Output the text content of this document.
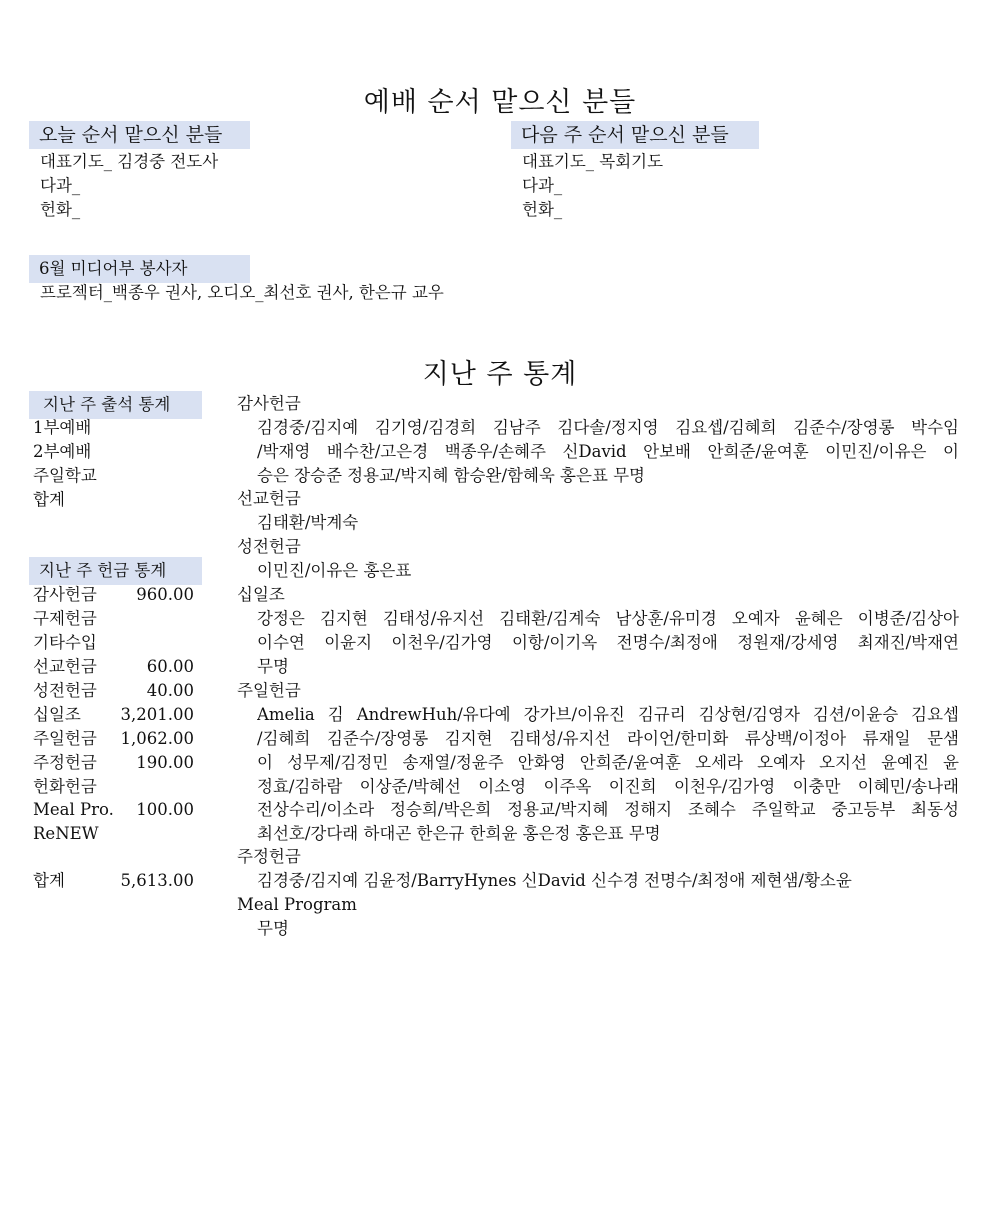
예배 순서 맡으신 분들
오늘 순서 맡으신 분들
대표기도_ 김경중 전도사
다과_
헌화_
다음 주 순서 맡으신 분들
대표기도_ 목회기도
다과_
헌화_
6월 미디어부 봉사자
프로젝터_백종우 권사, 오디오_최선호 권사, 한은규 교우
지난 주 통계
지난 주 출석 통계
1부예배
2부예배
주일학교
합계
지난 주 헌금 통계
감사헌금	960.00
구제헌금
기타수입
선교헌금	60.00
성전헌금	40.00
십일조	3,201.00
주일헌금	1,062.00
주정헌금	190.00
헌화헌금
Meal Pro.	100.00
ReNEW
합계	5,613.00
감사헌금
김경중/김지예 김기영/김경희 김남주 김다솔/정지영 김요셉/김혜희 김준수/장영롱 박수임
/박재영 배수찬/고은경 백종우/손혜주 신David 안보배 안희준/윤여훈 이민진/이유은 이
승은 장승준 정용교/박지혜 함승완/함혜욱 홍은표 무명
선교헌금
김태환/박계숙
성전헌금
이민진/이유은 홍은표
십일조
강정은 김지현 김태성/유지선 김태환/김계숙 남상훈/유미경 오예자 윤혜은 이병준/김상아
이수연 이윤지 이천우/김가영 이항/이기옥 전명수/최정애 정원재/강세영 최재진/박재연
무명
주일헌금
Amelia 김 AndrewHuh/유다예 강가브/이유진 김규리 김상현/김영자 김션/이윤승 김요셉
/김혜희 김준수/장영롱 김지현 김태성/유지선 라이언/한미화 류상백/이정아 류재일 문샘
이 성무제/김정민 송재열/정윤주 안화영 안희준/윤여훈 오세라 오예자 오지선 윤예진 윤
정효/김하람 이상준/박혜선 이소영 이주옥 이진희 이천우/김가영 이충만 이혜민/송나래
전상수리/이소라 정승희/박은희 정용교/박지혜 정해지 조혜수 주일학교 중고등부 최동성
최선호/강다래 하대곤 한은규 한희윤 홍은정 홍은표 무명
주정헌금
김경중/김지예 김윤정/BarryHynes 신David 신수경 전명수/최정애 제현샘/황소윤
Meal Program
무명
